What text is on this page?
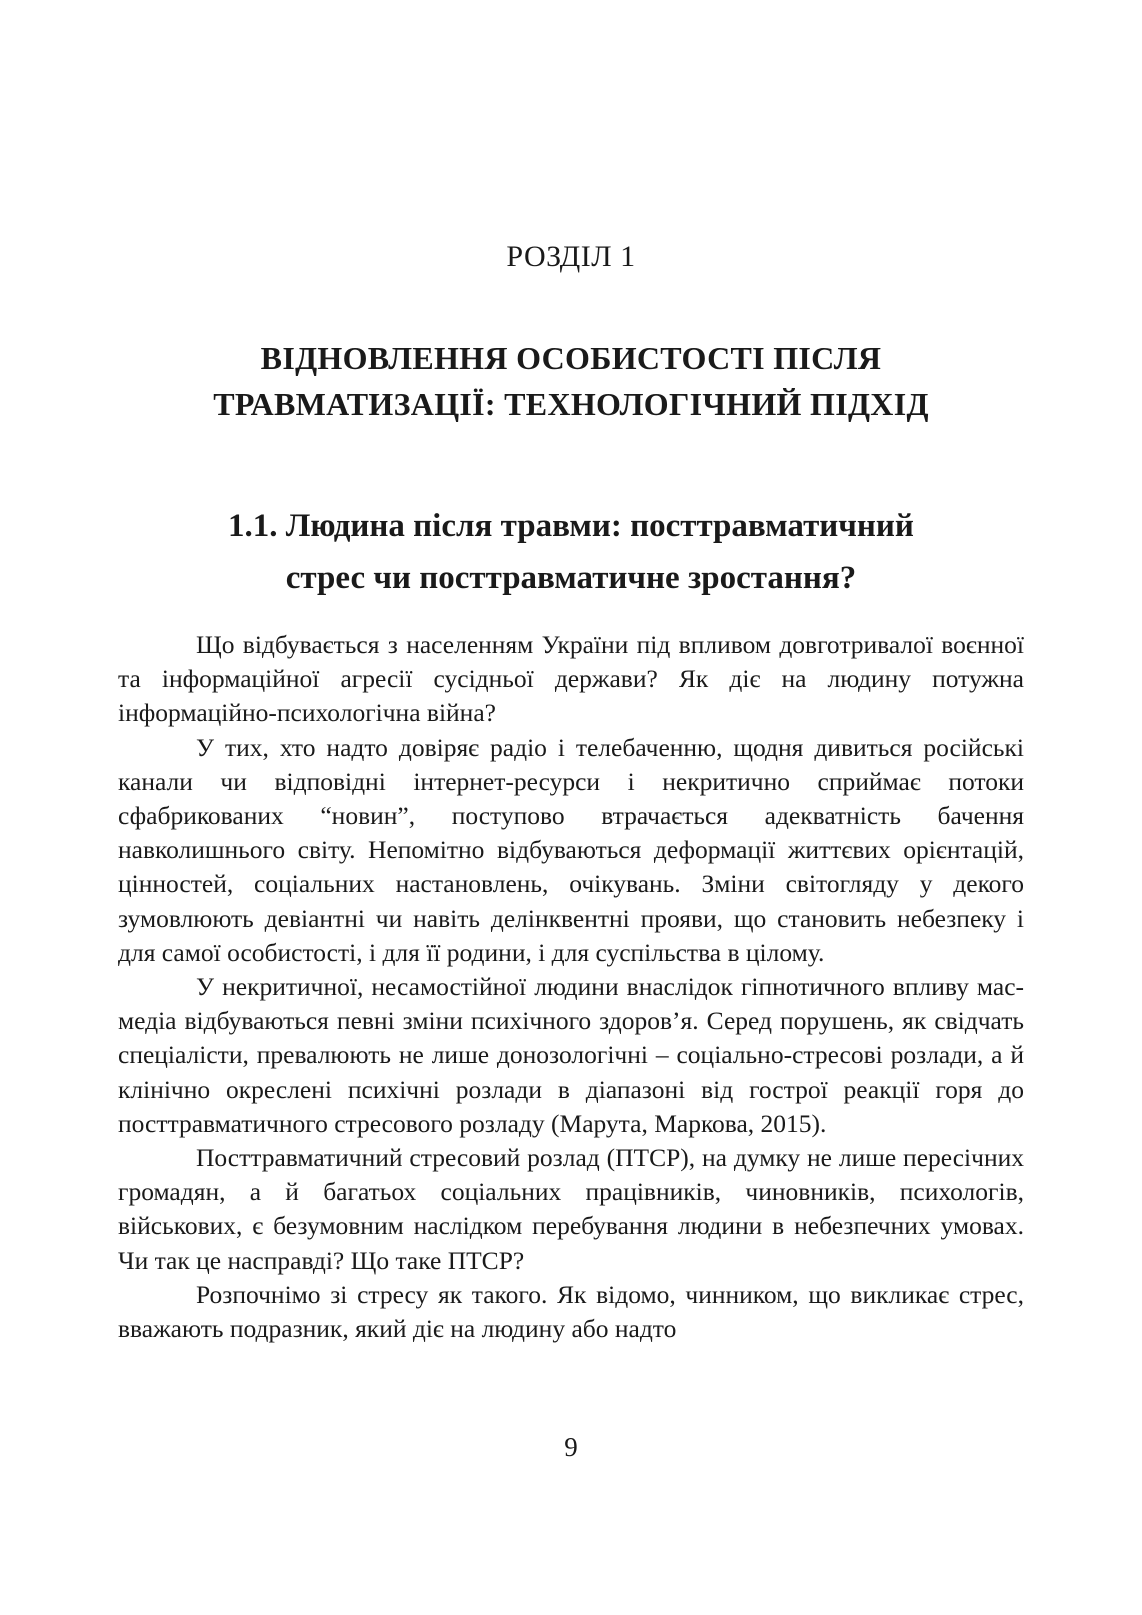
РОЗДІЛ 1
ВІДНОВЛЕННЯ ОСОБИСТОСТІ ПІСЛЯ
ТРАВМАТИЗАЦІЇ: ТЕХНОЛОГІЧНИЙ ПІДХІД
1.1. Людина після травми: посттравматичний
стрес чи посттравматичне зростання?

Що відбувається з населенням України під впливом довготривалої воєнної та інформаційної агресії сусідньої держави? Як діє на людину потужна інформаційно-психологічна війна?

У тих, хто надто довіряє радіо і телебаченню, щодня дивиться російські канали чи відповідні інтернет-ресурси і некритично сприймає потоки сфабрикованих “новин”, поступово втрачається адекватність бачення навколишнього світу. Непомітно відбуваються деформації життєвих орієнтацій, цінностей, соціальних настановлень, очікувань. Зміни світогляду у декого зумовлюють девіантні чи навіть делінквентні прояви, що становить небезпеку і для самої особистості, і для її родини, і для суспільства в цілому.

У некритичної, несамостійної людини внаслідок гіпнотичного впливу мас-медіа відбуваються певні зміни психічного здоров’я. Серед порушень, як свідчать спеціалісти, превалюють не лише донозологічні – соціально-стресові розлади, а й клінічно окреслені психічні розлади в діапазоні від гострої реакції горя до посттравматичного стресового розладу (Марута, Маркова, 2015).

Посттравматичний стресовий розлад (ПТСР), на думку не лише пересічних громадян, а й багатьох соціальних працівників, чиновників, психологів, військових, є безумовним наслідком перебування людини в небезпечних умовах. Чи так це насправді? Що таке ПТСР?

Розпочнімо зі стресу як такого. Як відомо, чинником, що викликає стрес, вважають подразник, який діє на людину або надто

9
